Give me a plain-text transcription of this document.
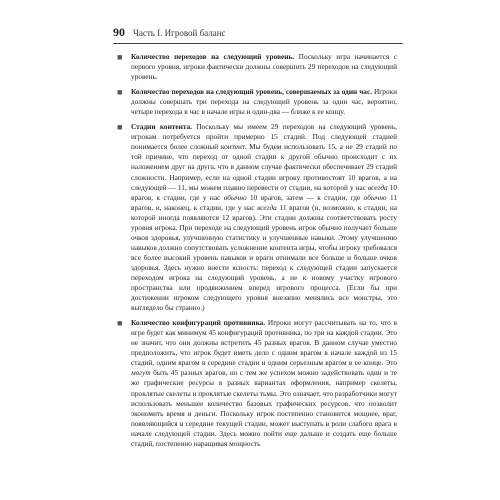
90 Часть I. Игровой баланс
■ Количество переходов на следующий уровень. Поскольку игра начинается с первого уровня, игроки фактически должны совершить 29 переходов на следующий уровень.
■ Количество переходов на следующий уровень, совершаемых за один час. Игроки должны совершать три перехода на следующий уровень за один час, вероятно, четыре перехода в час в начале игры и один-два — ближе к ее концу.
■ Стадии контента. Поскольку мы имеем 29 переходов на следующий уровень, игрокам потребуется пройти примерно 15 стадий. Под следующей стадией понимается более сложный контент. Мы будем использовать 15, а не 29 стадий по той причине, что переход от одной стадии к другой обычно происходит с их наложением друг на друга, что в данном случае фактически обеспечивает 29 стадий сложности. Например, если на одной стадии игроку противостоят 10 врагов, а на следующей — 11, мы можем плавно перевести от стадии, на которой у нас всегда 10 врагов, к стадии, где у нас обычно 10 врагов, затем — к стадии, где обычно 11 врагов, и, наконец, к стадии, где у нас всегда 11 врагов (и, возможно, к стадии, на которой иногда появляются 12 врагов). Эти стадии должны соответствовать росту уровня игрока. При переходе на следующий уровень игрок обычно получает больше очков здоровья, улучшенную статистику и улучшенные навыки. Этому улучшению навыков должно сопутствовать усложнение контента игры, чтобы игроку требовался все более высокий уровень навыков и враги отнимали все больше и больше очков здоровья. Здесь нужно внести ясность: переход к следующей стадии запускается переходом игрока на следующий уровень, а не к новому участку игрового пространства или продвижением вперед игрового процесса. (Если бы при достижении игроком следующего уровня внезапно менялись все монстры, это выглядело бы странно.)
■ Количество конфигураций противника. Игроки могут рассчитывать на то, что в игре будет как минимум 45 конфигураций противника, по три на каждой стадии. Это не значит, что они должны встретить 45 разных врагов. В данном случае уместно предположить, что игрок будет иметь дело с одним врагом в начале каждой из 15 стадий, одним врагом в середине стадии и одним серьезным врагом в ее конце. Это могут быть 45 разных врагов, но с тем же успехом можно задействовать один и те же графические ресурсы в разных вариантах оформления, например скелеты, проклятые скелеты и проклятые скелеты тьмы. Это означает, что разработчики могут использовать меньшее количество базовых графических ресурсов, что позволит экономить время и деньги. Поскольку игрок постепенно становится мощнее, враг, появляющийся в середине текущей стадии, может выступать в роли слабого врага в начале следующей стадии. Здесь можно пойти еще дальше и создать еще больше стадий, постепенно наращивая мощность
